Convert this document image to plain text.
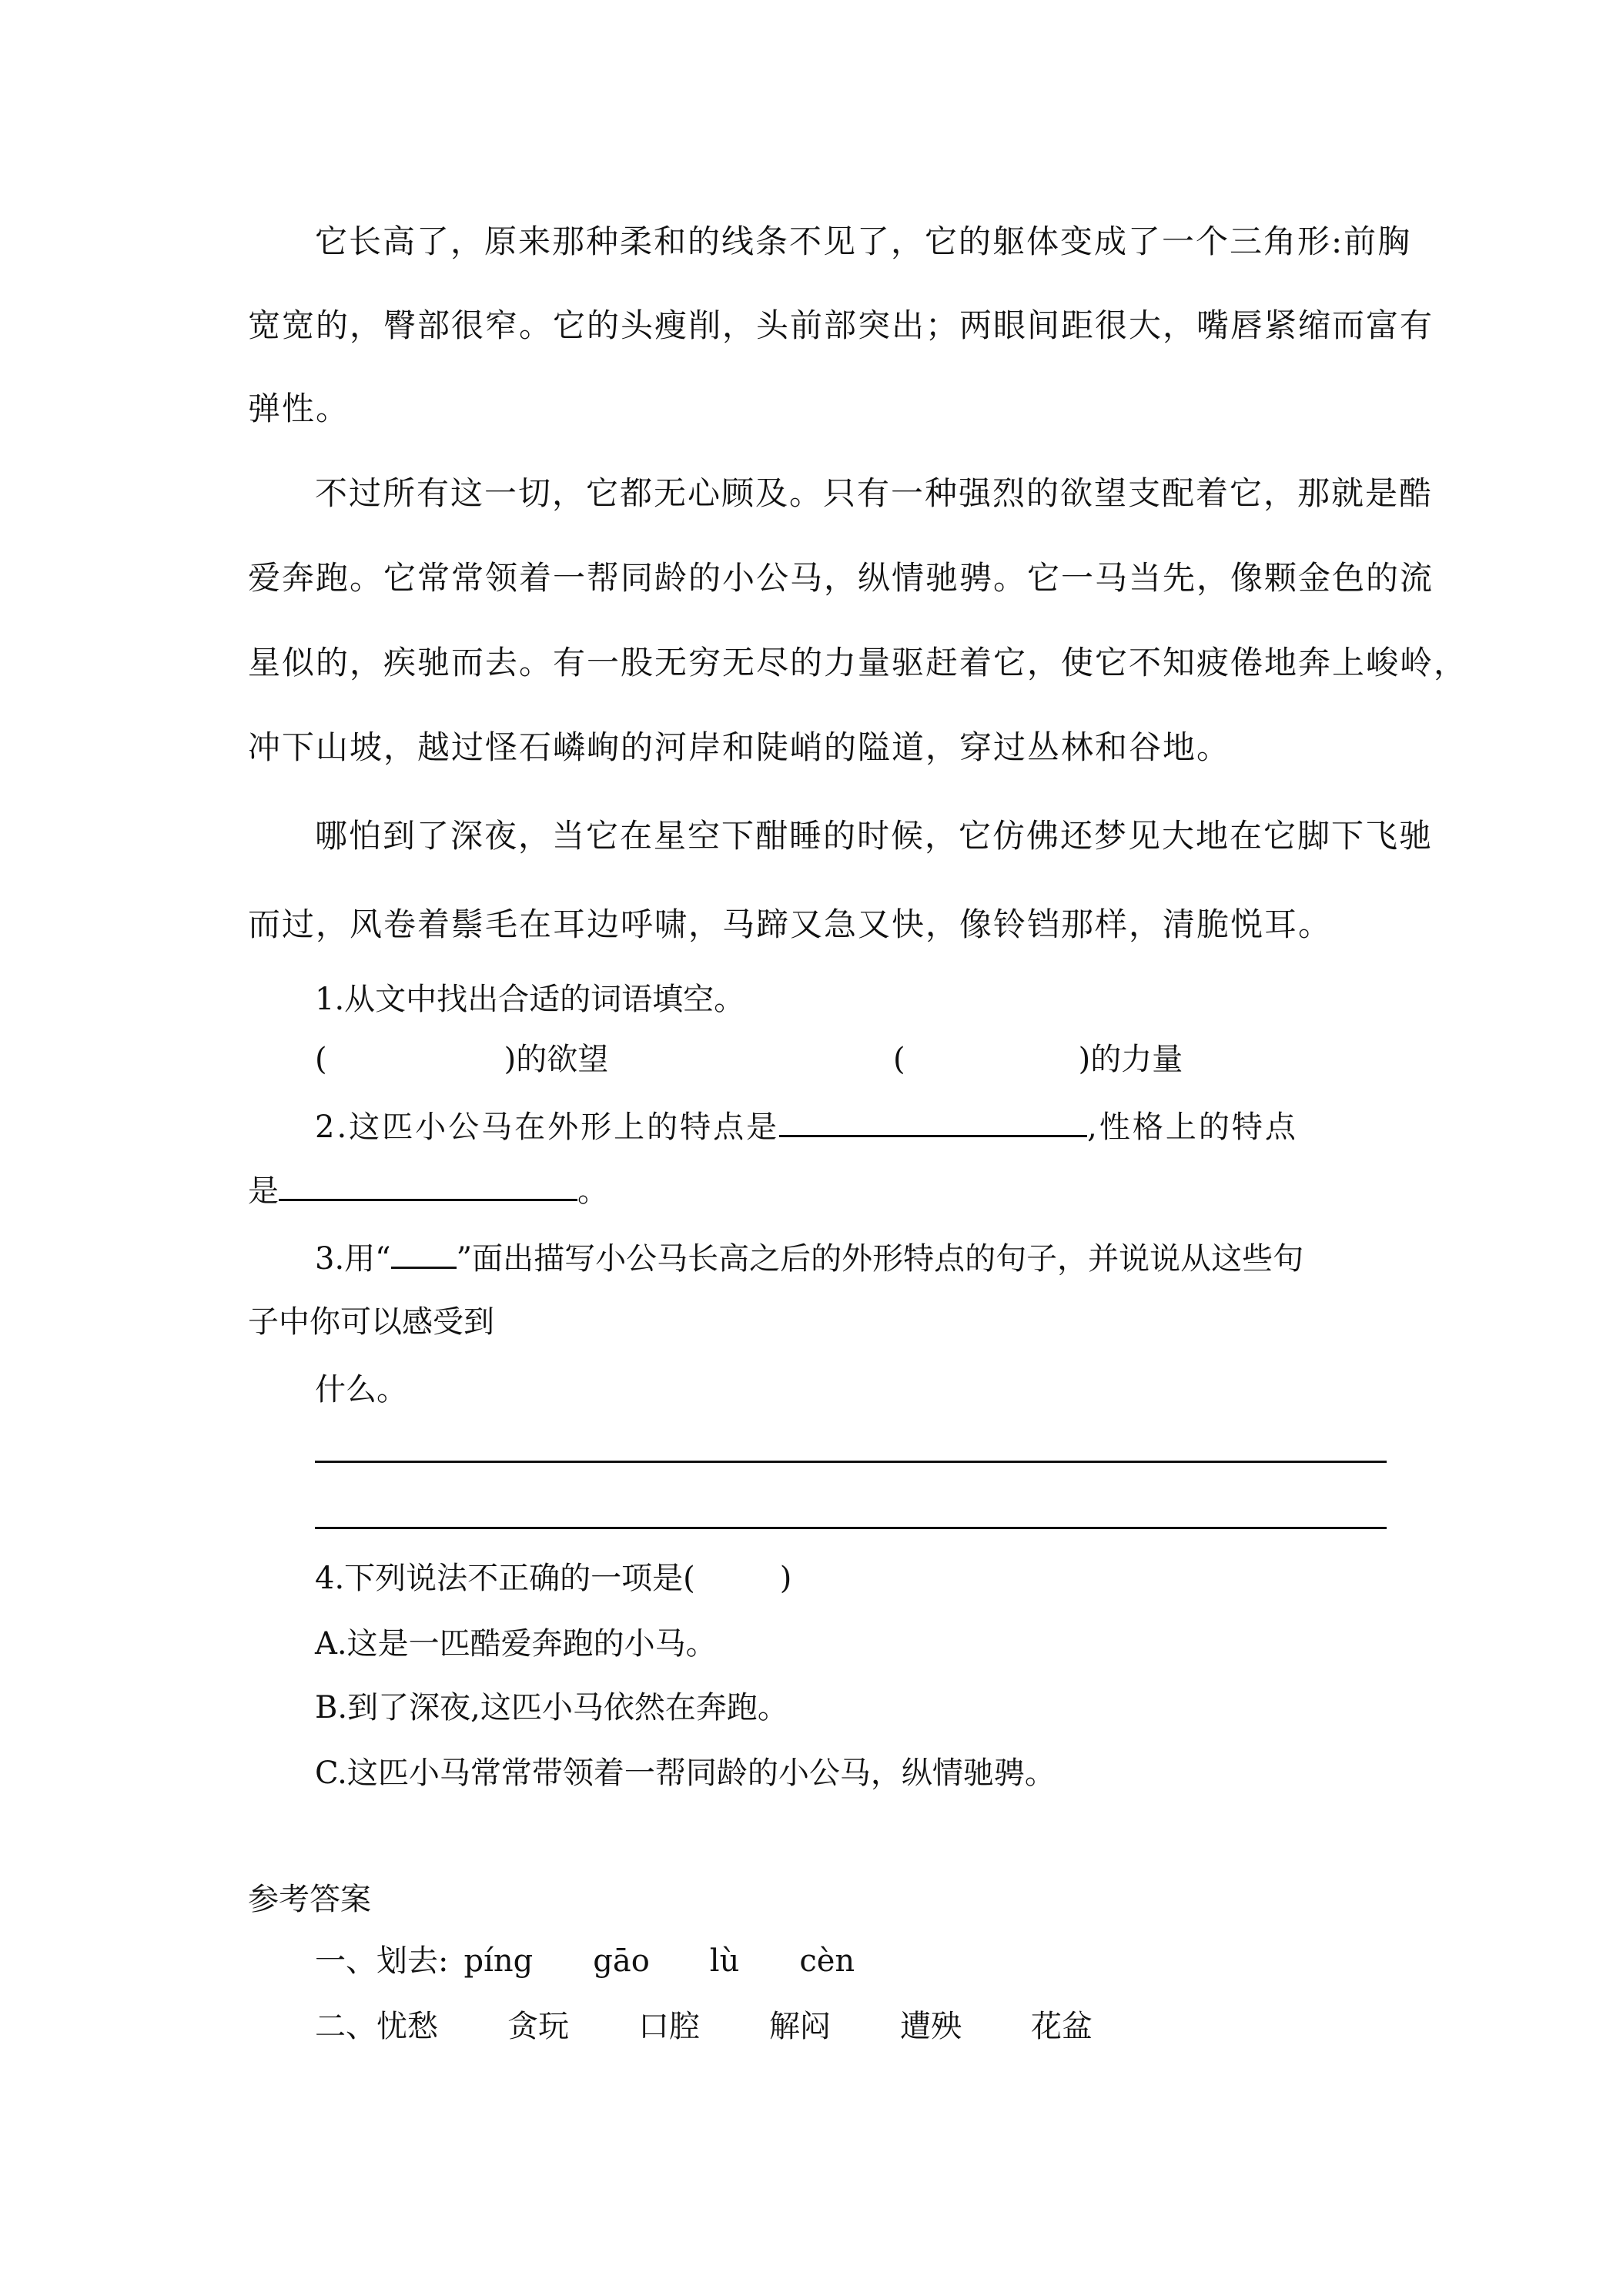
它长高了，原来那种柔和的线条不见了，它的躯体变成了一个三角形:前胸

宽宽的，臀部很窄。它的头瘦削，头前部突出；两眼间距很大，嘴唇紧缩而富有

弹性。

不过所有这一切，它都无心顾及。只有一种强烈的欲望支配着它，那就是酷

爱奔跑。它常常领着一帮同龄的小公马，纵情驰骋。它一马当先，像颗金色的流

星似的，疾驰而去。有一股无穷无尽的力量驱赶着它，使它不知疲倦地奔上峻岭，

冲下山坡，越过怪石嶙峋的河岸和陡峭的隘道，穿过丛林和谷地。

哪怕到了深夜，当它在星空下酣睡的时候，它仿佛还梦见大地在它脚下飞驰

而过，风卷着鬃毛在耳边呼啸，马蹄又急又快，像铃铛那样，清脆悦耳。

1.从文中找出合适的词语填空。

(	)的欲望	(	)的力量

2.这匹小公马在外形上的特点是	,性格上的特点

是	。

3.用“ ”面出描写小公马长高之后的外形特点的句子，并说说从这些句

子中你可以感受到

什么。

4.下列说法不正确的一项是(	)

A.这是一匹酷爱奔跑的小马。

B.到了深夜,这匹小马依然在奔跑。

C.这匹小马常常带领着一帮同龄的小公马，纵情驰骋。

参考答案

一、划去: píng gāo lù cèn

二、忧愁 贪玩 口腔 解闷 遭殃 花盆
